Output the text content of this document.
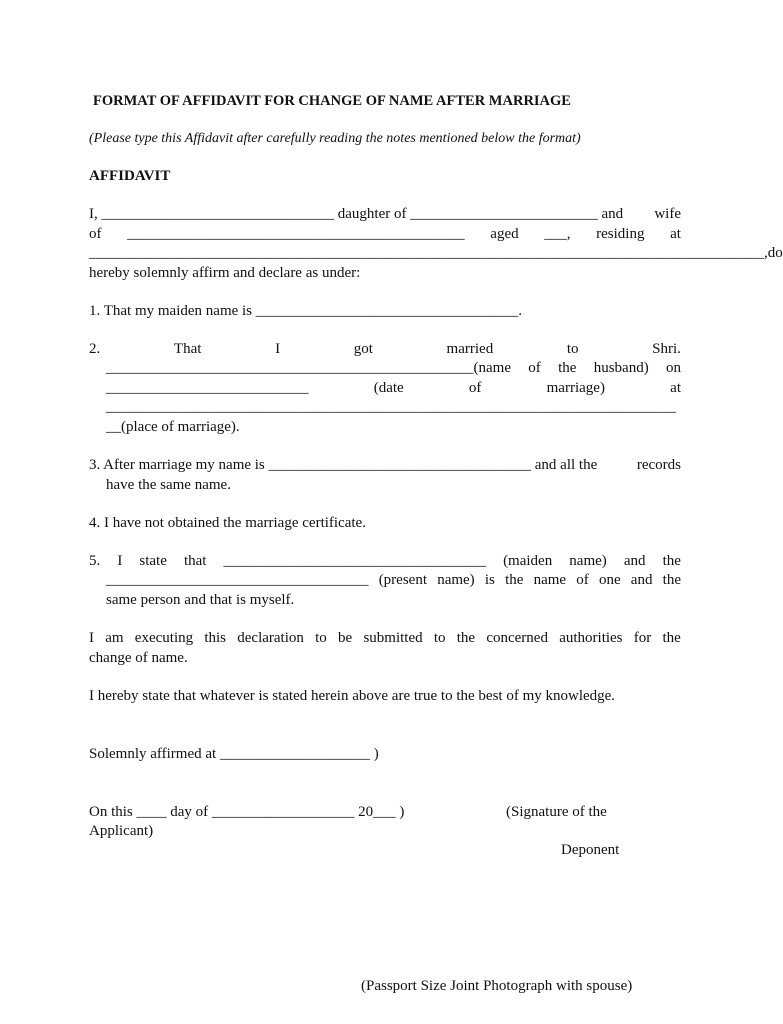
FORMAT OF AFFIDAVIT FOR CHANGE OF NAME AFTER MARRIAGE
(Please type this Affidavit after carefully reading the notes mentioned below the format)
AFFIDAVIT
I, _______________________________ daughter of _________________________ and wife
of _____________________________________________ aged ___, residing at
__________________________________________________________________________________________, do
hereby solemnly affirm and declare as under:
1. That my maiden name is ___________________________________.
2.	That	I	got	married	to	Shri.
_________________________________________________(name of the husband) on
___________________________	(date	of	marriage)	at
____________________________________________________________________________
__(place of marriage).
3. After marriage my name is ___________________________________ and all the	records
have the same name.
4. I have not obtained the marriage certificate.
5. I state that ___________________________________ (maiden name) and the
___________________________________ (present name) is the name of one and the
same person and that is myself.
I am executing this declaration to be submitted to the concerned authorities for the
change of name.
I hereby state that whatever is stated herein above are true to the best of my knowledge.
Solemnly affirmed at ____________________ )
On this ____ day of ___________________ 20___ )	(Signature of the
Applicant)
Deponent
(Passport Size Joint Photograph with spouse)
